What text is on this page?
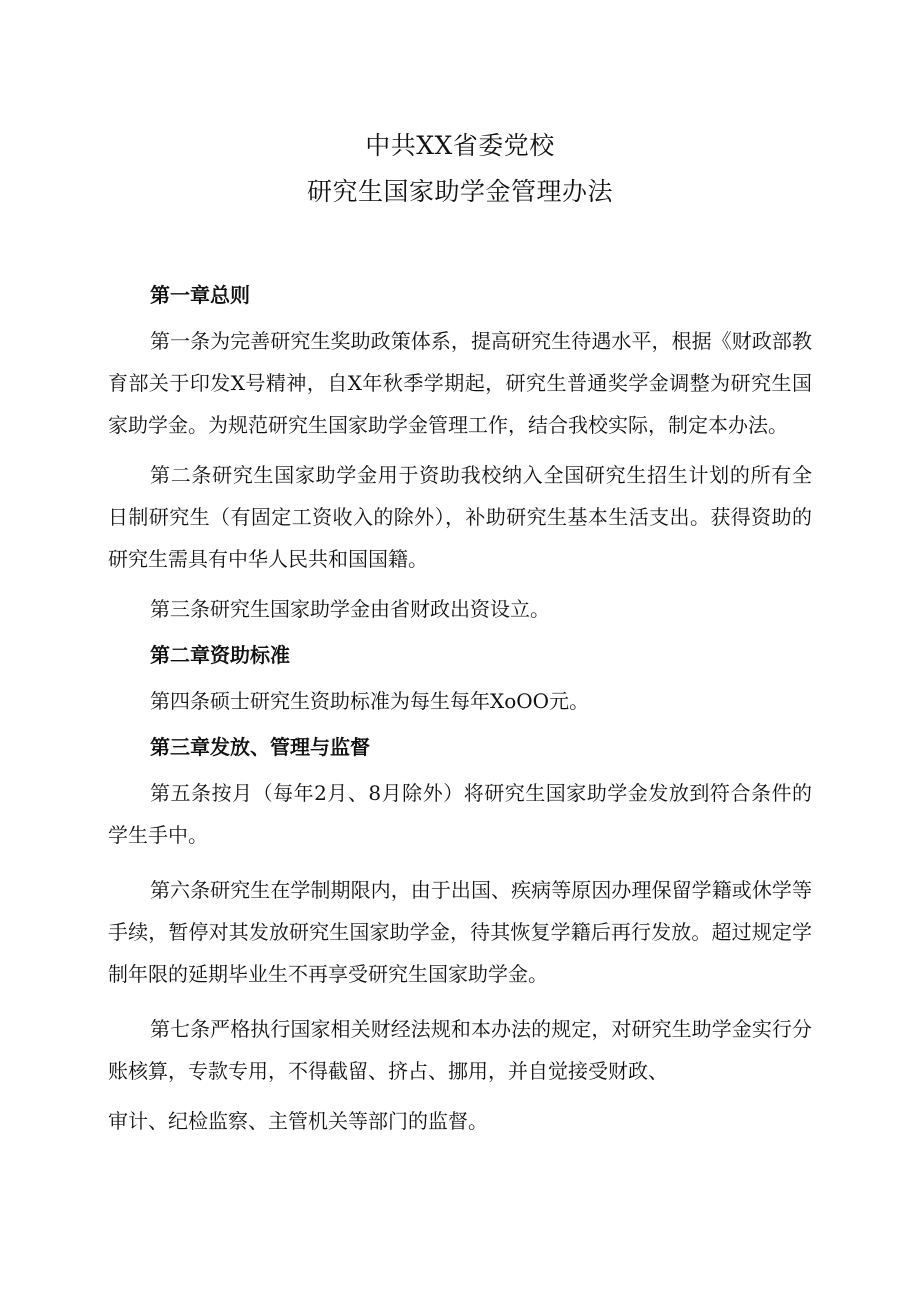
中共XX省委党校
研究生国家助学金管理办法
第一章总则
第一条为完善研究生奖助政策体系，提高研究生待遇水平，根据《财政部教
育部关于印发X号精神，自X年秋季学期起，研究生普通奖学金调整为研究生国
家助学金。为规范研究生国家助学金管理工作，结合我校实际，制定本办法。
第二条研究生国家助学金用于资助我校纳入全国研究生招生计划的所有全
日制研究生（有固定工资收入的除外），补助研究生基本生活支出。获得资助的
研究生需具有中华人民共和国国籍。
第三条研究生国家助学金由省财政出资设立。
第二章资助标准
第四条硕士研究生资助标准为每生每年XoOO元。
第三章发放、管理与监督
第五条按月（每年2月、8月除外）将研究生国家助学金发放到符合条件的
学生手中。
第六条研究生在学制期限内，由于出国、疾病等原因办理保留学籍或休学等
手续，暂停对其发放研究生国家助学金，待其恢复学籍后再行发放。超过规定学
制年限的延期毕业生不再享受研究生国家助学金。
第七条严格执行国家相关财经法规和本办法的规定，对研究生助学金实行分
账核算，专款专用，不得截留、挤占、挪用，并自觉接受财政、
审计、纪检监察、主管机关等部门的监督。
